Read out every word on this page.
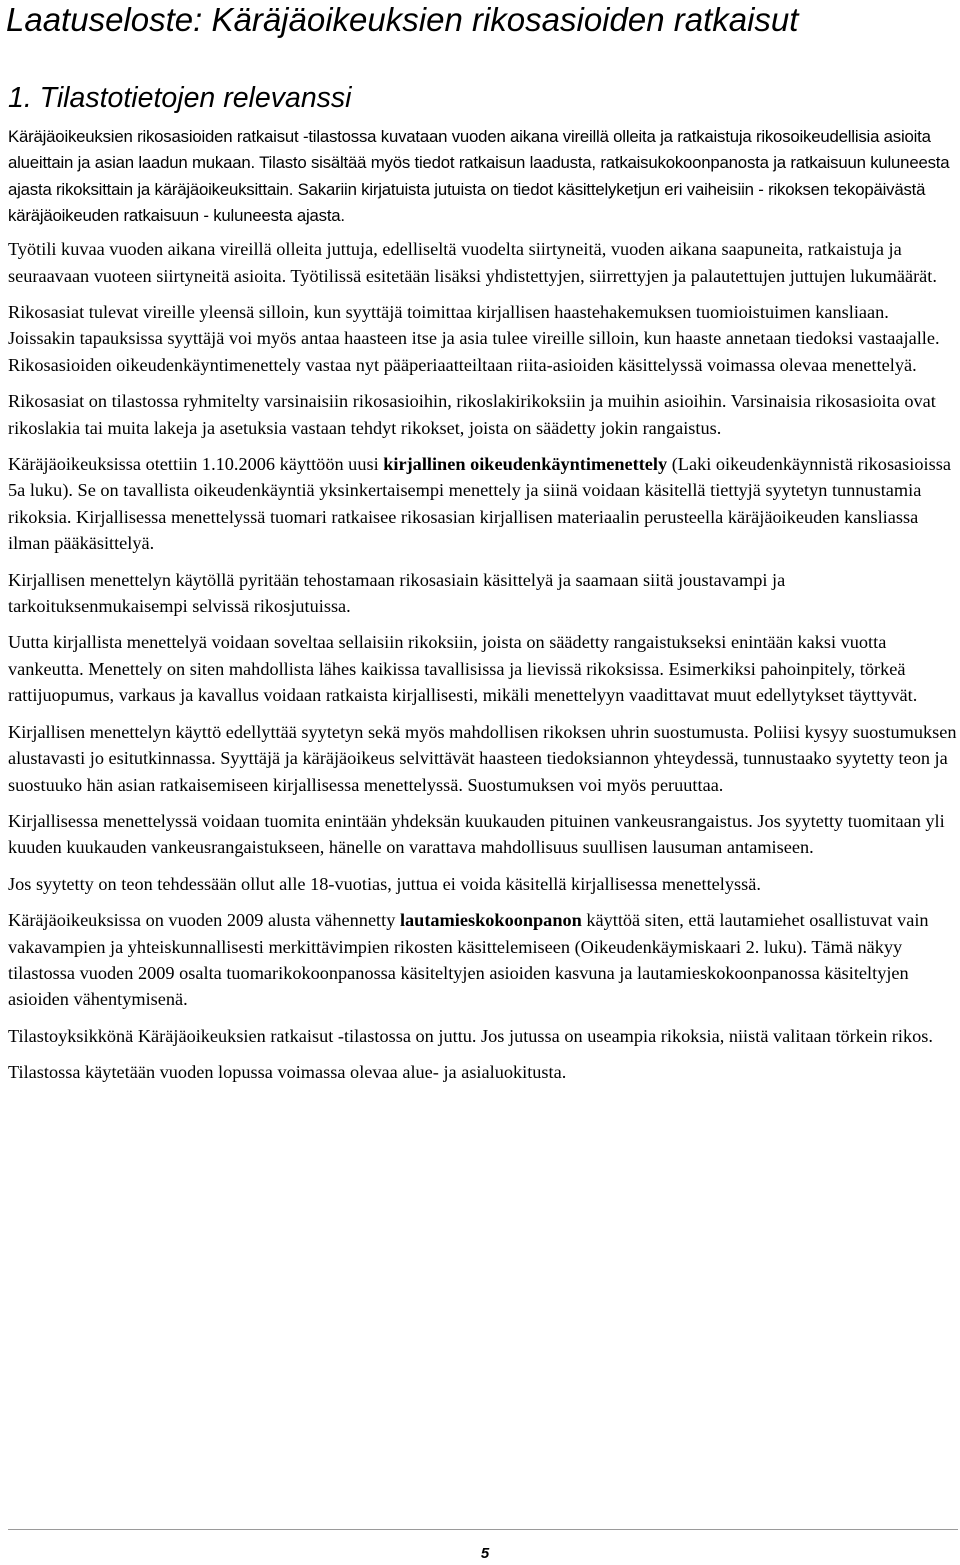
Laatuseloste: Käräjäoikeuksien rikosasioiden ratkaisut
1. Tilastotietojen relevanssi

Käräjäoikeuksien rikosasioiden ratkaisut -tilastossa kuvataan vuoden aikana vireillä olleita ja ratkaistuja rikosoikeudellisia asioita alueittain ja asian laadun mukaan. Tilasto sisältää myös tiedot ratkaisun laadusta, ratkaisukokoonpanosta ja ratkaisuun kuluneesta ajasta rikoksittain ja käräjäoikeuksittain. Sakariin kirjatuista jutuista on tiedot käsittelyketjun eri vaiheisiin - rikoksen tekopäivästä käräjäoikeuden ratkaisuun - kuluneesta ajasta.

Työtili kuvaa vuoden aikana vireillä olleita juttuja, edelliseltä vuodelta siirtyneitä, vuoden aikana saapuneita, ratkaistuja ja seuraavaan vuoteen siirtyneitä asioita. Työtilissä esitetään lisäksi yhdistettyjen, siirrettyjen ja palautettujen juttujen lukumäärät.

Rikosasiat tulevat vireille yleensä silloin, kun syyttäjä toimittaa kirjallisen haastehakemuksen tuomioistuimen kansliaan. Joissakin tapauksissa syyttäjä voi myös antaa haasteen itse ja asia tulee vireille silloin, kun haaste annetaan tiedoksi vastaajalle. Rikosasioiden oikeudenkäyntimenettely vastaa nyt pääperiaatteiltaan riita-asioiden käsittelyssä voimassa olevaa menettelyä.

Rikosasiat on tilastossa ryhmitelty varsinaisiin rikosasioihin, rikoslakirikoksiin ja muihin asioihin. Varsinaisia rikosasioita ovat rikoslakia tai muita lakeja ja asetuksia vastaan tehdyt rikokset, joista on säädetty jokin rangaistus.

Käräjäoikeuksissa otettiin 1.10.2006 käyttöön uusi kirjallinen oikeudenkäyntimenettely (Laki oikeudenkäynnistä rikosasioissa 5a luku). Se on tavallista oikeudenkäyntiä yksinkertaisempi menettely ja siinä voidaan käsitellä tiettyjä syytetyn tunnustamia rikoksia. Kirjallisessa menettelyssä tuomari ratkaisee rikosasian kirjallisen materiaalin perusteella käräjäoikeuden kansliassa ilman pääkäsittelyä.

Kirjallisen menettelyn käytöllä pyritään tehostamaan rikosasiain käsittelyä ja saamaan siitä joustavampi ja tarkoituksenmukaisempi selvissä rikosjutuissa.

Uutta kirjallista menettelyä voidaan soveltaa sellaisiin rikoksiin, joista on säädetty rangaistukseksi enintään kaksi vuotta vankeutta. Menettely on siten mahdollista lähes kaikissa tavallisissa ja lievissä rikoksissa. Esimerkiksi pahoinpitely, törkeä rattijuopumus, varkaus ja kavallus voidaan ratkaista kirjallisesti, mikäli menettelyyn vaadittavat muut edellytykset täyttyvät.

Kirjallisen menettelyn käyttö edellyttää syytetyn sekä myös mahdollisen rikoksen uhrin suostumusta. Poliisi kysyy suostumuksen alustavasti jo esitutkinnassa. Syyttäjä ja käräjäoikeus selvittävät haasteen tiedoksiannon yhteydessä, tunnustaako syytetty teon ja suostuuko hän asian ratkaisemiseen kirjallisessa menettelyssä. Suostumuksen voi myös peruuttaa.

Kirjallisessa menettelyssä voidaan tuomita enintään yhdeksän kuukauden pituinen vankeusrangaistus. Jos syytetty tuomitaan yli kuuden kuukauden vankeusrangaistukseen, hänelle on varattava mahdollisuus suullisen lausuman antamiseen.

Jos syytetty on teon tehdessään ollut alle 18-vuotias, juttua ei voida käsitellä kirjallisessa menettelyssä.

Käräjäoikeuksissa on vuoden 2009 alusta vähennetty lautamieskokoonpanon käyttöä siten, että lautamiehet osallistuvat vain vakavampien ja yhteiskunnallisesti merkittävimpien rikosten käsittelemiseen (Oikeudenkäymiskaari 2. luku). Tämä näkyy tilastossa vuoden 2009 osalta tuomarikokoonpanossa käsiteltyjen asioiden kasvuna ja lautamieskokoonpanossa käsiteltyjen asioiden vähentymisenä.

Tilastoyksikkönä Käräjäoikeuksien ratkaisut -tilastossa on juttu. Jos jutussa on useampia rikoksia, niistä valitaan törkein rikos.

Tilastossa käytetään vuoden lopussa voimassa olevaa alue- ja asialuokitusta.

5
